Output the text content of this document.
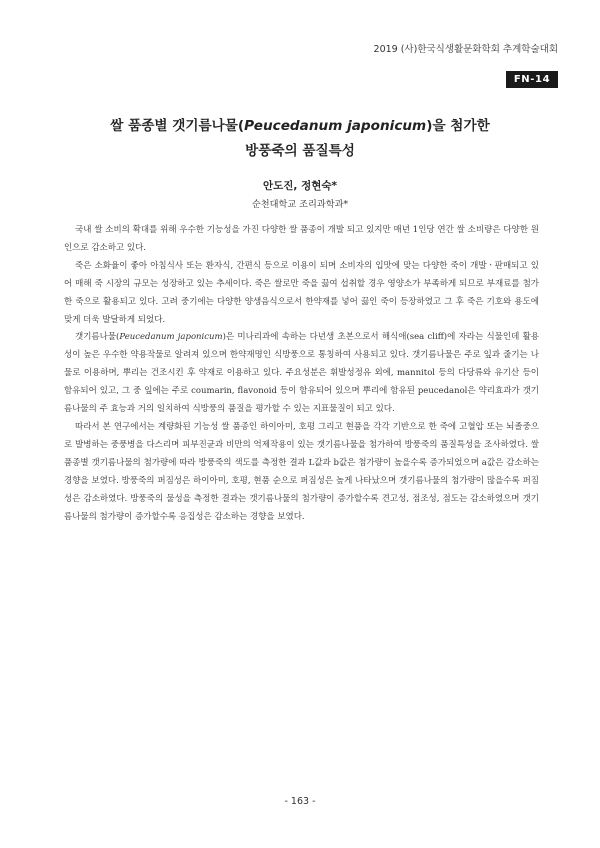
2019 (사)한국식생활문화학회 추계학술대회
FN-14
쌀 품종별 갯기름나물(Peucedanum japonicum)을 첨가한
방풍죽의 품질특성
안도진, 정현숙*
순천대학교 조리과학과*

국내 쌀 소비의 확대를 위해 우수한 기능성을 가진 다양한 쌀 품종이 개발 되고 있지만 매년 1인당 연간 쌀 소비량은 다양한 원인으로 감소하고 있다.

죽은 소화율이 좋아 아침식사 또는 환자식, 간편식 등으로 이용이 되며 소비자의 입맛에 맞는 다양한 죽이 개발ㆍ판매되고 있어 매해 죽 시장의 규모는 성장하고 있는 추세이다. 죽은 쌀로만 죽을 끓여 섭취할 경우 영양소가 부족하게 되므로 부재료를 첨가한 죽으로 활용되고 있다. 고려 중기에는 다양한 양생음식으로서 한약재를 넣어 끓인 죽이 등장하였고 그 후 죽은 기호와 용도에 맞게 더욱 발달하게 되었다.

갯기름나물(Peucedanum japonicum)은 미나리과에 속하는 다년생 초본으로서 해식애(sea cliff)에 자라는 식물인데 활용성이 높은 우수한 약용작물로 알려져 있으며 한약재명인 식방풍으로 통칭하여 사용되고 있다. 갯기름나물은 주로 잎과 줄기는 나물로 이용하며, 뿌리는 건조시킨 후 약재로 이용하고 있다. 주요성분은 휘발성정유 외에, mannitol 등의 다당류와 유기산 등이 함유되어 있고, 그 중 잎에는 주로 coumarin, flavonoid 등이 함유되어 있으며 뿌리에 함유된 peucedanol은 약리효과가 갯기름나물의 주 효능과 거의 일치하여 식방풍의 품질을 평가할 수 있는 지표물질이 되고 있다.

따라서 본 연구에서는 계량화된 기능성 쌀 품종인 하이아미, 호평 그리고 현품을 각각 기반으로 한 죽에 고혈압 또는 뇌졸중으로 발병하는 중풍병을 다스리며 피부진균과 비만의 억제작용이 있는 갯기름나물을 첨가하여 방풍죽의 품질특성을 조사하였다. 쌀 품종별 갯기름나물의 첨가량에 따라 방풍죽의 색도를 측정한 결과 L값과 b값은 첨가량이 높을수록 증가되었으며 a값은 감소하는 경향을 보였다. 방풍죽의 퍼짐성은 하이아미, 호평, 현품 순으로 퍼짐성은 높게 나타났으며 갯기름나물의 첨가량이 많을수록 퍼짐성은 감소하였다. 방풍죽의 물성을 측정한 결과는 갯기름나물의 첨가량이 증가할수록 견고성, 점조성, 점도는 감소하였으며 갯기름나물의 첨가량이 증가할수록 응집성은 감소하는 경향을 보였다.

- 163 -
